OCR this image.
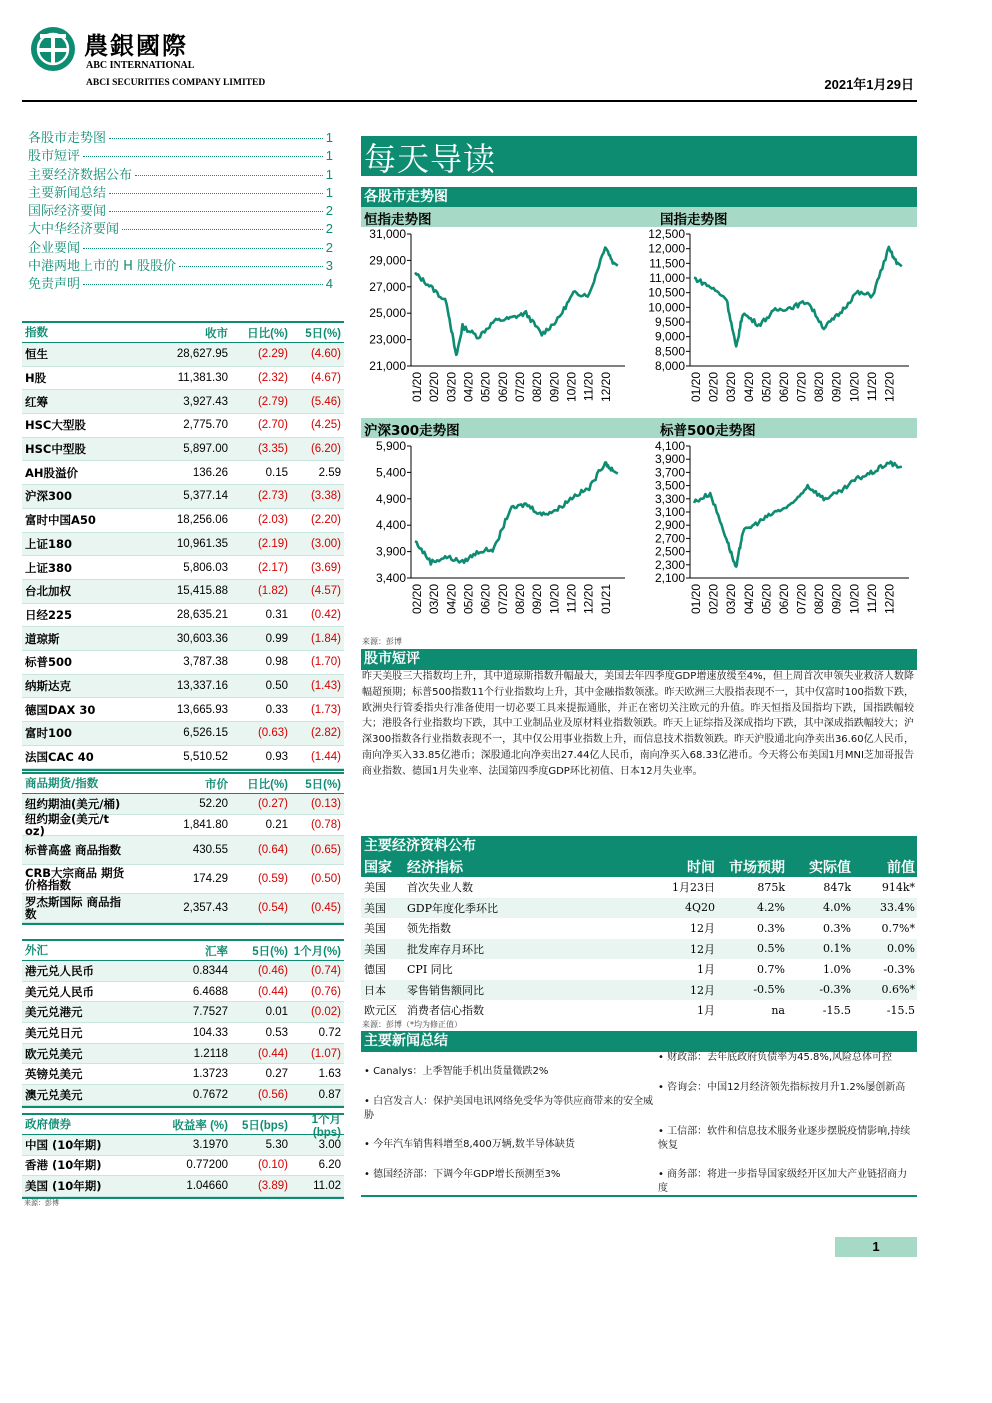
農銀國際
ABC INTERNATIONAL
ABCI SECURITIES COMPANY LIMITED	2021年1月29日
各股市走势图	1
股市短评	1
主要经济数据公布	1
主要新闻总结	1
国际经济要闻	2
大中华经济要闻	2
企业要闻	2
中港两地上市的 H 股股价	3
免责声明	4
指数	收市	日比(%)	5日(%)
恒生	28,627.95	(2.29)	(4.60)
H股	11,381.30	(2.32)	(4.67)
红筹	3,927.43	(2.79)	(5.46)
HSC大型股	2,775.70	(2.70)	(4.25)
HSC中型股	5,897.00	(3.35)	(6.20)
AH股溢价	136.26	0.15	2.59
沪深300	5,377.14	(2.73)	(3.38)
富时中国A50	18,256.06	(2.03)	(2.20)
上证180	10,961.35	(2.19)	(3.00)
上证380	5,806.03	(2.17)	(3.69)
台北加权	15,415.88	(1.82)	(4.57)
日经225	28,635.21	0.31	(0.42)
道琼斯	30,603.36	0.99	(1.84)
标普500	3,787.38	0.98	(1.70)
纳斯达克	13,337.16	0.50	(1.43)
德国DAX 30	13,665.93	0.33	(1.73)
富时100	6,526.15	(0.63)	(2.82)
法国CAC 40	5,510.52	0.93	(1.44)
商品期货/指数	市价	日比(%)	5日(%)
纽约期油(美元/桶)	52.20	(0.27)	(0.13)
纽约期金(美元/t oz)	1,841.80	0.21	(0.78)
标普高盛 商品指数	430.55	(0.64)	(0.65)
CRB大宗商品 期货价格指数	174.29	(0.59)	(0.50)
罗杰斯国际 商品指数	2,357.43	(0.54)	(0.45)
外汇	汇率	5日(%) 1个月(%)
港元兑人民币	0.8344	(0.46)	(0.74)
美元兑人民币	6.4688	(0.44)	(0.76)
美元兑港元	7.7527	0.01	(0.02)
美元兑日元	104.33	0.53	0.72
欧元兑美元	1.2118	(0.44)	(1.07)
英镑兑美元	1.3723	0.27	1.63
澳元兑美元	0.7672	(0.56)	0.87
政府债券	收益率 (%)	5日(bps)	1个月(bps)
中国 (10年期)	3.1970	5.30	3.00
香港 (10年期)	0.77200	(0.10)	6.20
美国 (10年期)	1.04660	(3.89)	11.02
来源：彭博
每天导读
各股市走势图
恒指走势图	国指走势图
沪深300走势图	标普500走势图
31,000
29,000
27,000
25,000
23,000
21,000
01/20 02/20 03/20 04/20 05/20 06/20 07/20 08/20 09/20 10/20 11/20 12/20
12,500
12,000
11,500
11,000
10,500
10,000
9,500
9,000
8,500
8,000
01/20 02/20 03/20 04/20 05/20 06/20 07/20 08/20 09/20 10/20 11/20 12/20
5,900
5,400
4,900
4,400
3,900
3,400
02/20 03/20 04/20 05/20 06/20 07/20 08/20 09/20 10/20 11/20 12/20 01/21
4,100
3,900
3,700
3,500
3,300
3,100
2,900
2,700
2,500
2,300
2,100
01/20 02/20 03/20 04/20 05/20 06/20 07/20 08/20 09/20 10/20 11/20 12/20
来源：彭博
股市短评
昨天美股三大指数均上升，其中道琼斯指数升幅最大，美国去年四季度GDP增速放缓至4%，但上周首次申领失业救济人数降幅超预期；标普500指数11个行业指数均上升，其中金融指数领涨。昨天欧洲三大股指表现不一，其中仅富时100指数下跌，欧洲央行管委指央行准备使用一切必要工具来提振通胀，并正在密切关注欧元的升值。昨天恒指及国指均下跌，国指跌幅较大；港股各行业指数均下跌，其中工业制品业及原材料业指数领跌。昨天上证综指及深成指均下跌，其中深成指跌幅较大；沪深300指数各行业指数表现不一，其中仅公用事业指数上升，而信息技术指数领跌。昨天沪股通北向净卖出36.60亿人民币，南向净买入33.85亿港币；深股通北向净卖出27.44亿人民币，南向净买入68.33亿港币。今天将公布美国1月MNI芝加哥报告商业指数、德国1月失业率、法国第四季度GDP环比初值、日本12月失业率。
主要经济资料公布
国家	经济指标	时间	市场预期	实际值	前值
美国	首次失业人数	1月23日	875k	847k	914k*
美国	GDP年度化季环比	4Q20	4.2%	4.0%	33.4%
美国	领先指数	12月	0.3%	0.3%	0.7%*
美国	批发库存月环比	12月	0.5%	0.1%	0.0%
德国	CPI 同比	1月	0.7%	1.0%	-0.3%
日本	零售销售额同比	12月	-0.5%	-0.3%	0.6%*
欧元区 消费者信心指数	1月	na	-15.5	-15.5
来源：彭博（*均为修正值）
主要新闻总结
• Canalys：上季智能手机出货量微跌2%
• 白宫发言人：保护美国电讯网络免受华为等供应商带来的安全威胁
• 今年汽车销售料增至8,400万辆,数半导体缺货
• 德国经济部：下调今年GDP增长预测至3%
• 财政部：去年底政府负债率为45.8%,风险总体可控
• 咨询会：中国12月经济领先指标按月升1.2%屡创新高
• 工信部：软件和信息技术服务业逐步摆脱疫情影响,持续恢复
• 商务部：将进一步指导国家级经开区加大产业链招商力度
1
